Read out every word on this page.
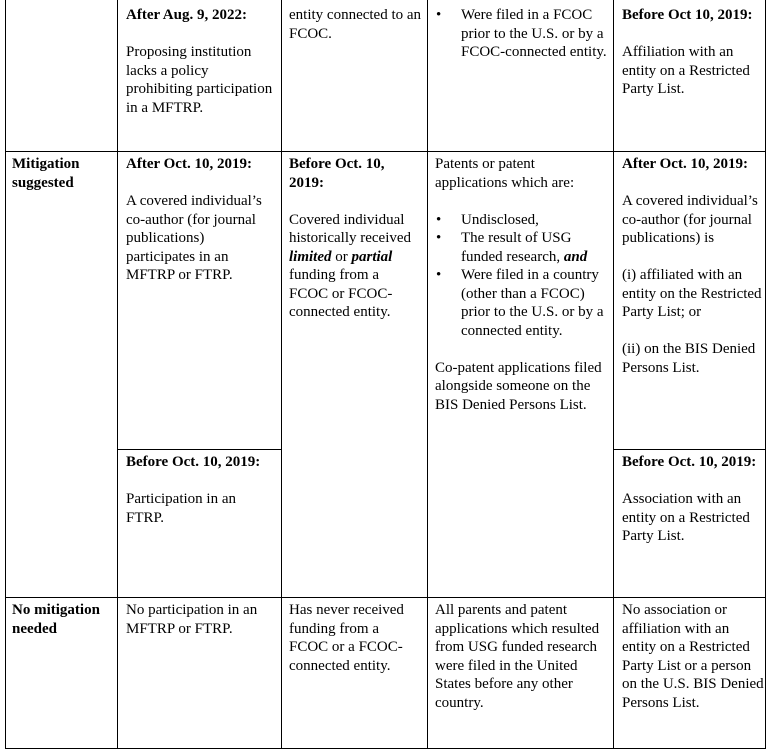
After Aug. 9, 2022:

Proposing institution lacks a policy prohibiting participation in a MFTRP.

entity connected to an FCOC.

• Were filed in a FCOC prior to the U.S. or by a FCOC-connected entity.

Before Oct 10, 2019:

Affiliation with an entity on a Restricted Party List.

Mitigation suggested

After Oct. 10, 2019:

A covered individual’s co-author (for journal publications) participates in an MFTRP or FTRP.

Before Oct. 10, 2019:

Participation in an FTRP.

Before Oct. 10, 2019:

Covered individual historically received limited or partial funding from a FCOC or FCOC-connected entity.

Patents or patent applications which are:

• Undisclosed,
• The result of USG funded research, and
• Were filed in a country (other than a FCOC) prior to the U.S. or by a connected entity.

Co-patent applications filed alongside someone on the BIS Denied Persons List.

After Oct. 10, 2019:

A covered individual’s co-author (for journal publications) is

(i) affiliated with an entity on the Restricted Party List; or

(ii) on the BIS Denied Persons List.

Before Oct. 10, 2019:

Association with an entity on a Restricted Party List.

No mitigation needed
No participation in an MFTRP or FTRP.
Has never received funding from a FCOC or a FCOC-connected entity.
All parents and patent applications which resulted from USG funded research were filed in the United States before any other country.
No association or affiliation with an entity on a Restricted Party List or a person on the U.S. BIS Denied Persons List.
